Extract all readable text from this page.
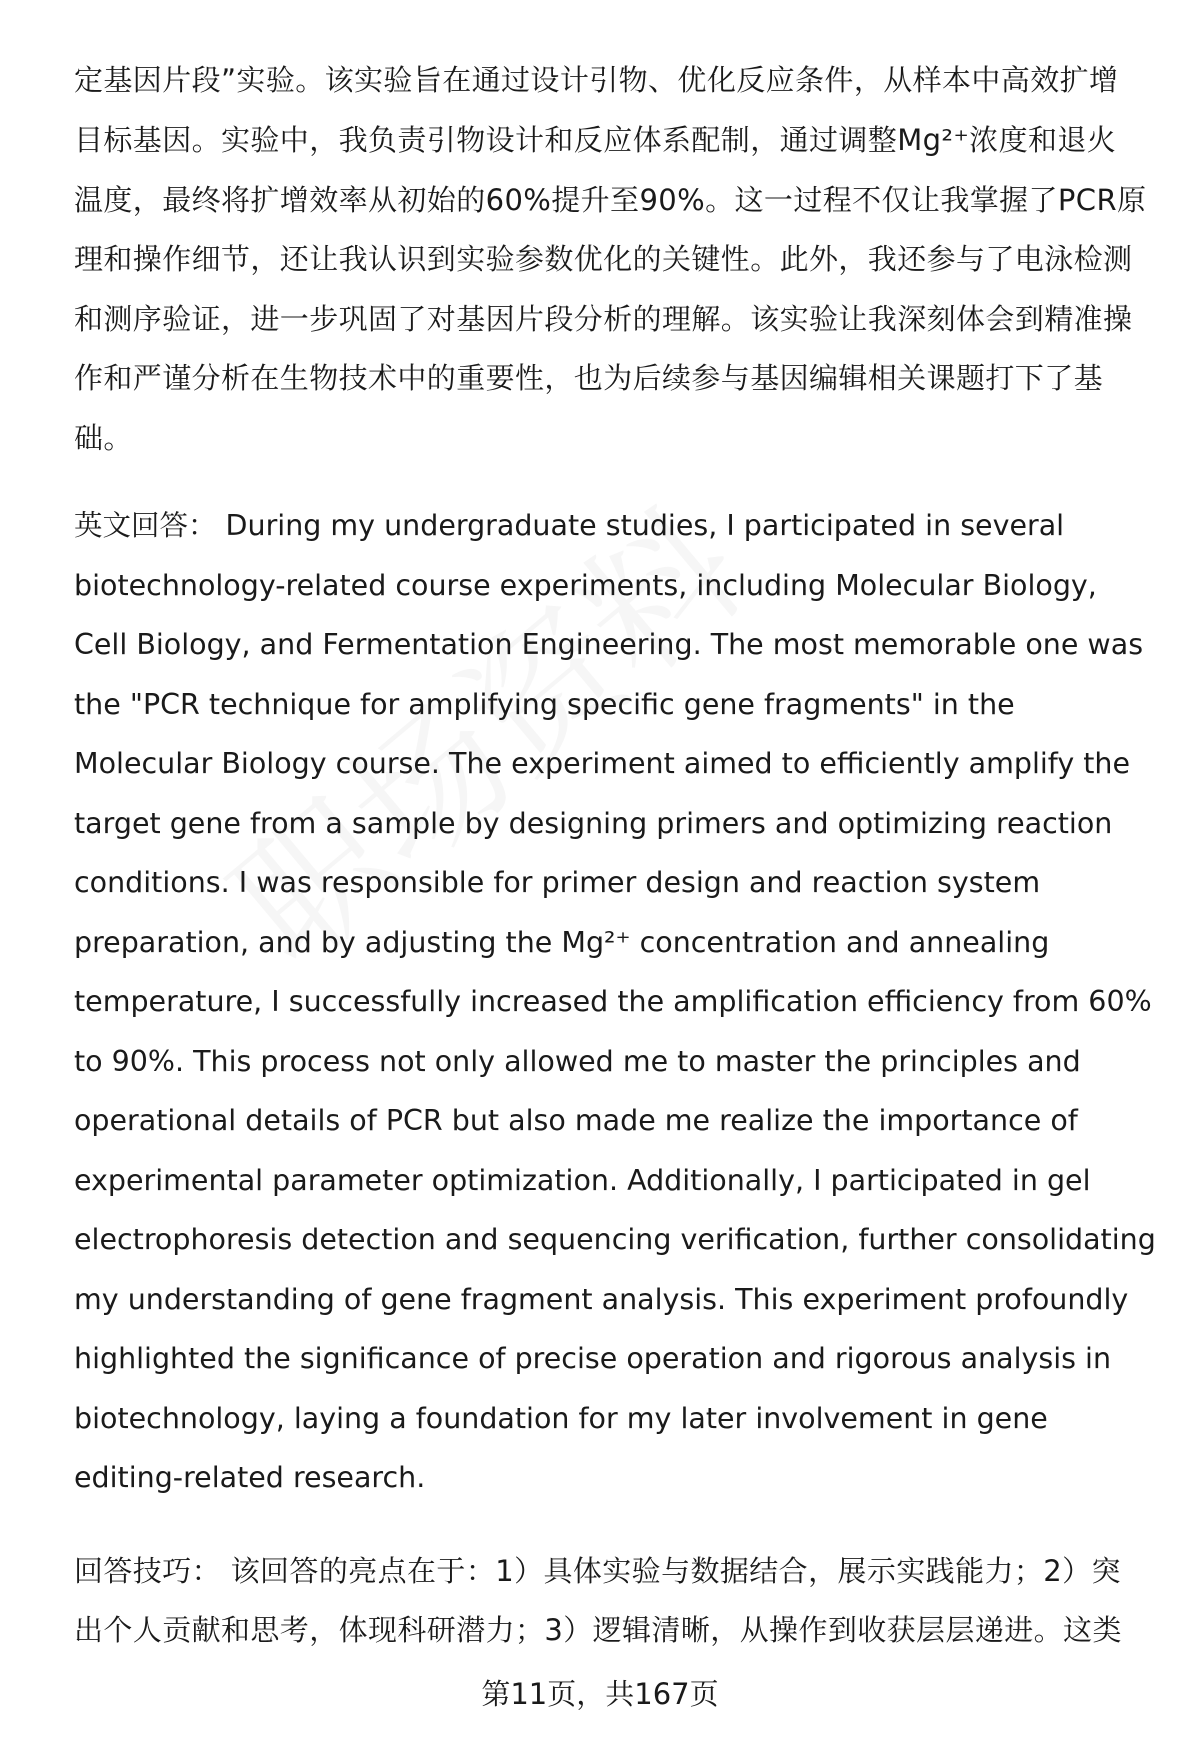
定基因片段”实验。该实验旨在通过设计引物、优化反应条件，从样本中高效扩增
目标基因。实验中，我负责引物设计和反应体系配制，通过调整Mg²⁺浓度和退火
温度，最终将扩增效率从初始的60%提升至90%。这一过程不仅让我掌握了PCR原
理和操作细节，还让我认识到实验参数优化的关键性。此外，我还参与了电泳检测
和测序验证，进一步巩固了对基因片段分析的理解。该实验让我深刻体会到精准操
作和严谨分析在生物技术中的重要性，也为后续参与基因编辑相关课题打下了基
础。
英文回答： During my undergraduate studies, I participated in several
biotechnology-related course experiments, including Molecular Biology,
Cell Biology, and Fermentation Engineering. The most memorable one was
the "PCR technique for amplifying specific gene fragments" in the
Molecular Biology course. The experiment aimed to efficiently amplify the
target gene from a sample by designing primers and optimizing reaction
conditions. I was responsible for primer design and reaction system
preparation, and by adjusting the Mg²⁺ concentration and annealing
temperature, I successfully increased the amplification efficiency from 60%
to 90%. This process not only allowed me to master the principles and
operational details of PCR but also made me realize the importance of
experimental parameter optimization. Additionally, I participated in gel
electrophoresis detection and sequencing verification, further consolidating
my understanding of gene fragment analysis. This experiment profoundly
highlighted the significance of precise operation and rigorous analysis in
biotechnology, laying a foundation for my later involvement in gene
editing-related research.
回答技巧： 该回答的亮点在于：1）具体实验与数据结合，展示实践能力；2）突
出个人贡献和思考，体现科研潜力；3）逻辑清晰，从操作到收获层层递进。这类
第11页，共167页
